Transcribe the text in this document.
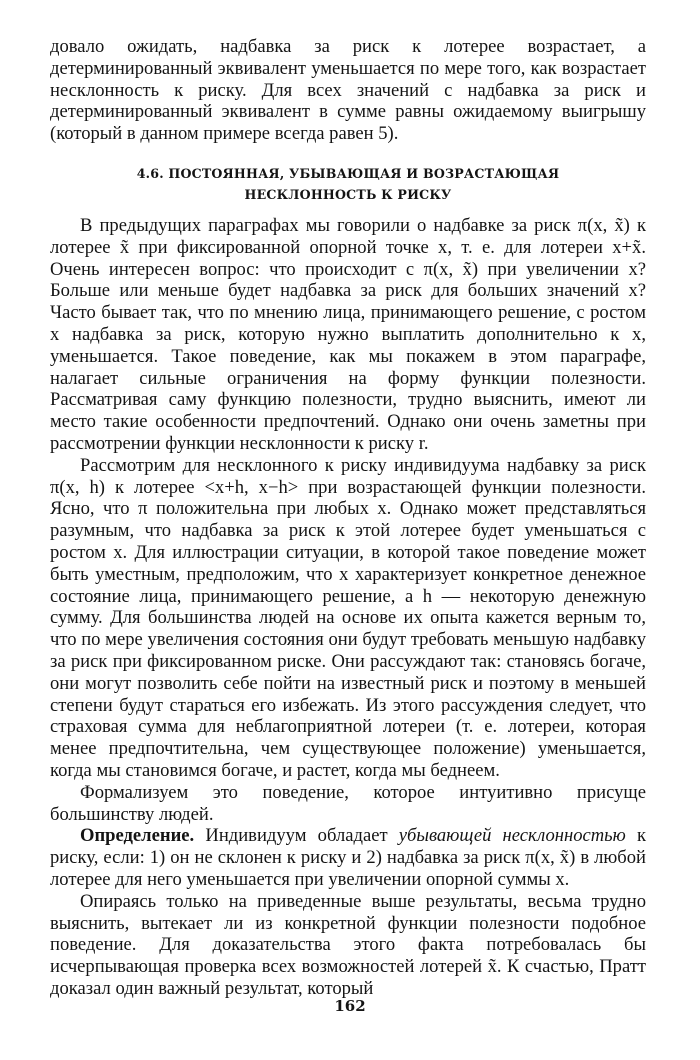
довало ожидать, надбавка за риск к лотерее возрастает, а детерминированный эквивалент уменьшается по мере того, как возрастает несклонность к риску. Для всех значений c надбавка за риск и детерминированный эквивалент в сумме равны ожидаемому выигрышу (который в данном примере всегда равен 5).

4.6. ПОСТОЯННАЯ, УБЫВАЮЩАЯ И ВОЗРАСТАЮЩАЯ
НЕСКЛОННОСТЬ К РИСКУ

В предыдущих параграфах мы говорили о надбавке за риск π(x, x̃) к лотерее x̃ при фиксированной опорной точке x, т. е. для лотереи x+x̃. Очень интересен вопрос: что происходит с π(x, x̃) при увеличении x? Больше или меньше будет надбавка за риск для больших значений x? Часто бывает так, что по мнению лица, принимающего решение, с ростом x надбавка за риск, которую нужно выплатить дополнительно к x, уменьшается. Такое поведение, как мы покажем в этом параграфе, налагает сильные ограничения на форму функции полезности. Рассматривая саму функцию полезности, трудно выяснить, имеют ли место такие особенности предпочтений. Однако они очень заметны при рассмотрении функции несклонности к риску r.

Рассмотрим для несклонного к риску индивидуума надбавку за риск π(x, h) к лотерее <x+h, x−h> при возрастающей функции полезности. Ясно, что π положительна при любых x. Однако может представляться разумным, что надбавка за риск к этой лотерее будет уменьшаться с ростом x. Для иллюстрации ситуации, в которой такое поведение может быть уместным, предположим, что x характеризует конкретное денежное состояние лица, принимающего решение, а h — некоторую денежную сумму. Для большинства людей на основе их опыта кажется верным то, что по мере увеличения состояния они будут требовать меньшую надбавку за риск при фиксированном риске. Они рассуждают так: становясь богаче, они могут позволить себе пойти на известный риск и поэтому в меньшей степени будут стараться его избежать. Из этого рассуждения следует, что страховая сумма для неблагоприятной лотереи (т. е. лотереи, которая менее предпочтительна, чем существующее положение) уменьшается, когда мы становимся богаче, и растет, когда мы беднеем.

Формализуем это поведение, которое интуитивно присуще большинству людей.

Определение. Индивидуум обладает убывающей несклонностью к риску, если: 1) он не склонен к риску и 2) надбавка за риск π(x, x̃) в любой лотерее для него уменьшается при увеличении опорной суммы x.

Опираясь только на приведенные выше результаты, весьма трудно выяснить, вытекает ли из конкретной функции полезности подобное поведение. Для доказательства этого факта потребовалась бы исчерпывающая проверка всех возможностей лотерей x̃. К счастью, Пратт доказал один важный результат, который

162
